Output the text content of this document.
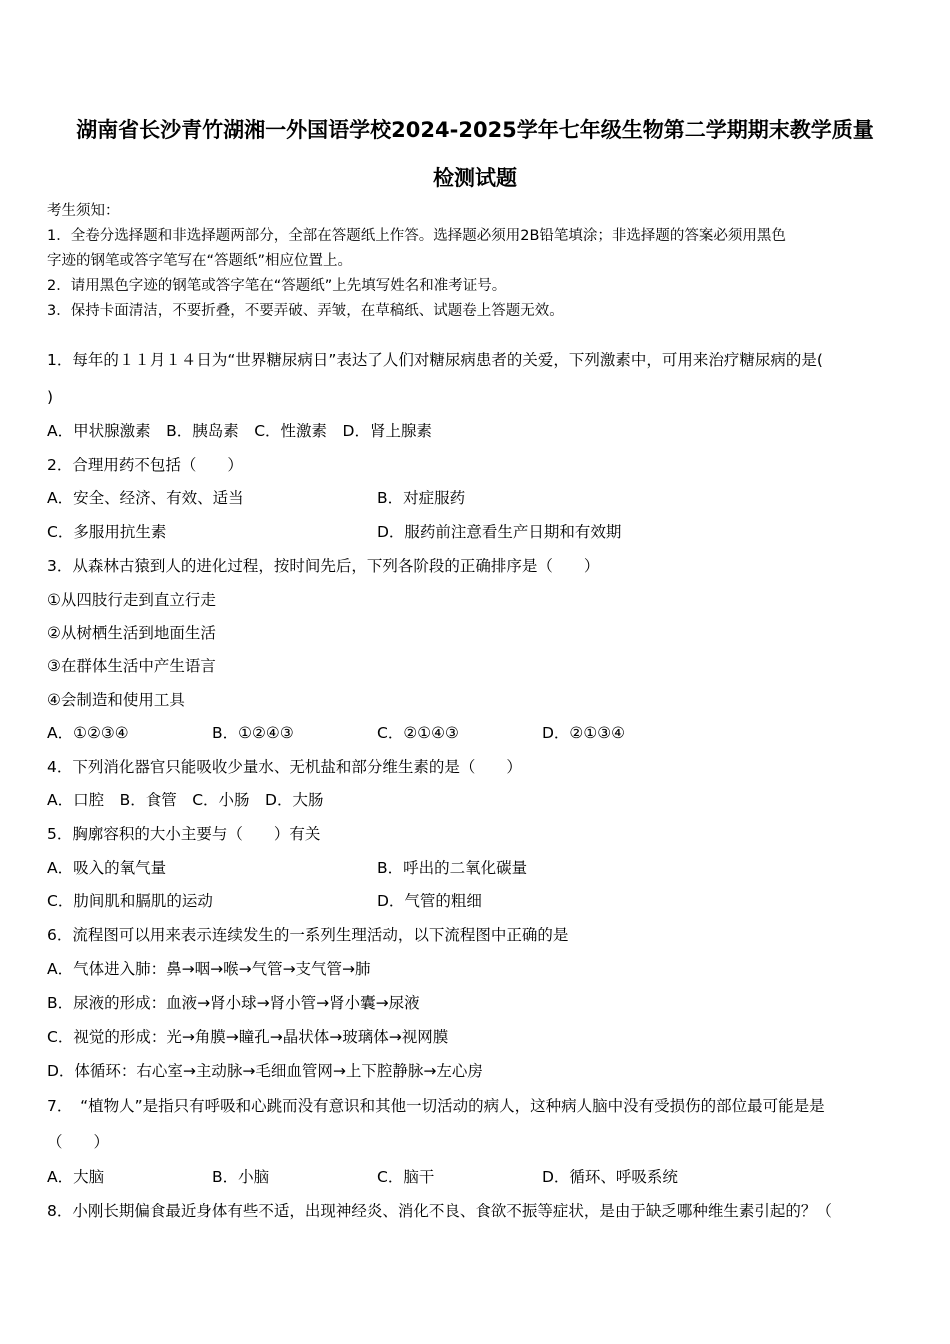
湖南省长沙青竹湖湘一外国语学校2024-2025学年七年级生物第二学期期末教学质量
检测试题
考生须知：
1．全卷分选择题和非选择题两部分，全部在答题纸上作答。选择题必须用2B铅笔填涂；非选择题的答案必须用黑色
字迹的钢笔或答字笔写在“答题纸”相应位置上。
2．请用黑色字迹的钢笔或答字笔在“答题纸”上先填写姓名和准考证号。
3．保持卡面清洁，不要折叠，不要弄破、弄皱，在草稿纸、试题卷上答题无效。
1．每年的１１月１４日为“世界糖尿病日”表达了人们对糖尿病患者的关爱，下列激素中，可用来治疗糖尿病的是(
)
A．甲状腺激素　B．胰岛素　C．性激素　D．肾上腺素
2．合理用药不包括（　　）
A．安全、经济、有效、适当	B．对症服药
C．多服用抗生素	D．服药前注意看生产日期和有效期
3．从森林古猿到人的进化过程，按时间先后，下列各阶段的正确排序是（　　）
①从四肢行走到直立行走
②从树栖生活到地面生活
③在群体生活中产生语言
④会制造和使用工具
A．①②③④	B．①②④③	C．②①④③	D．②①③④
4．下列消化器官只能吸收少量水、无机盐和部分维生素的是（　　）
A．口腔　B．食管　C．小肠　D．大肠
5．胸廓容积的大小主要与（　　）有关
A．吸入的氧气量	B．呼出的二氧化碳量
C．肋间肌和膈肌的运动	D．气管的粗细
6．流程图可以用来表示连续发生的一系列生理活动，以下流程图中正确的是
A．气体进入肺：鼻→咽→喉→气管→支气管→肺
B．尿液的形成：血液→肾小球→肾小管→肾小囊→尿液
C．视觉的形成：光→角膜→瞳孔→晶状体→玻璃体→视网膜
D．体循环：右心室→主动脉→毛细血管网→上下腔静脉→左心房
7．　“植物人”是指只有呼吸和心跳而没有意识和其他一切活动的病人，这种病人脑中没有受损伤的部位最可能是是
（　　）
A．大脑	B．小脑	C．脑干	D．循环、呼吸系统
8．小刚长期偏食最近身体有些不适，出现神经炎、消化不良、食欲不振等症状，是由于缺乏哪种维生素引起的？（
